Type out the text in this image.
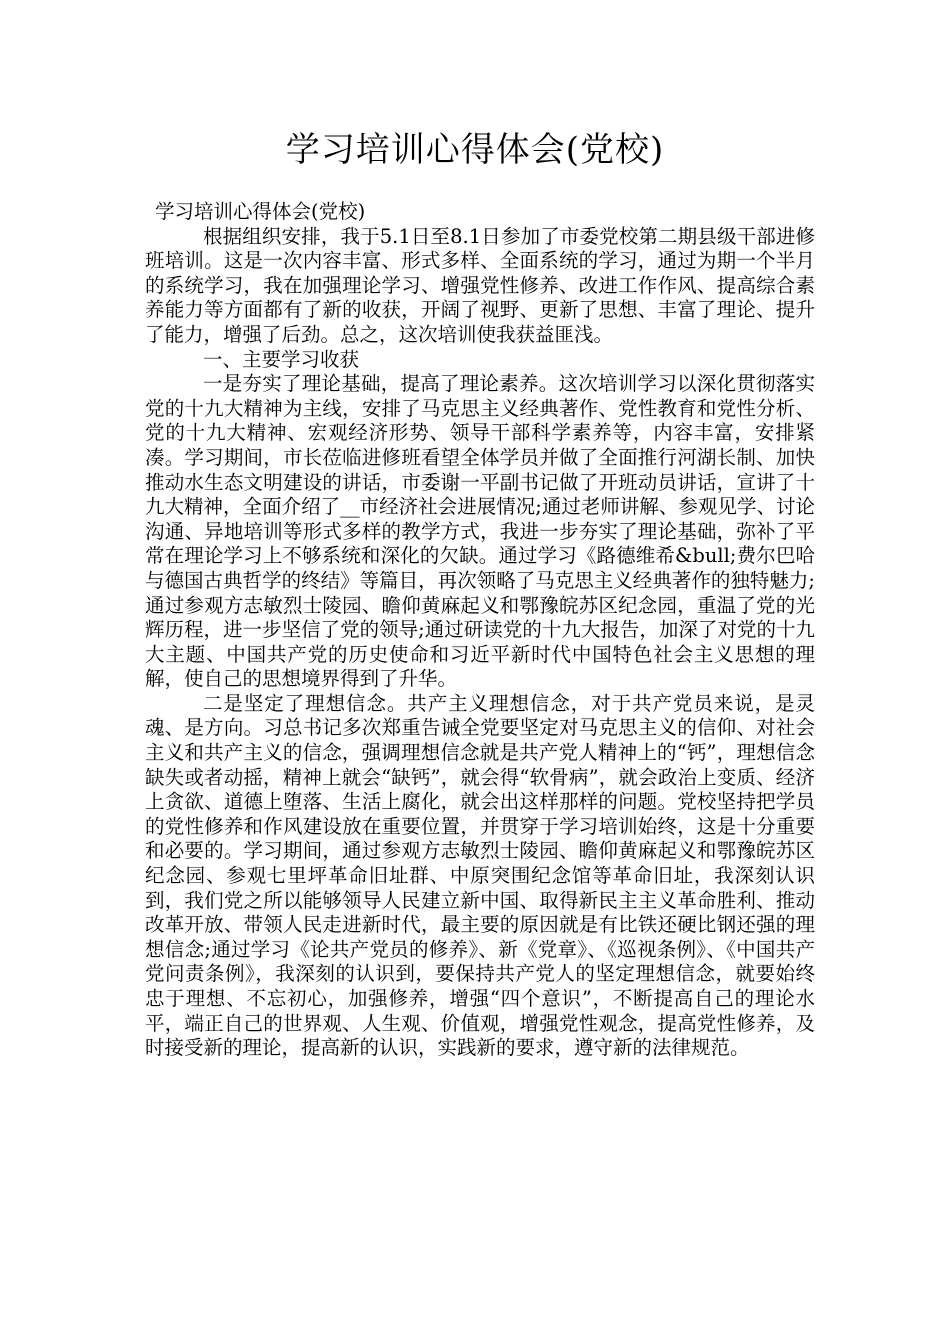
学习培训心得体会(党校)

学习培训心得体会(党校)

根据组织安排，我于5.1日至8.1日参加了市委党校第二期县级干部进修班培训。这是一次内容丰富、形式多样、全面系统的学习，通过为期一个半月的系统学习，我在加强理论学习、增强党性修养、改进工作作风、提高综合素养能力等方面都有了新的收获，开阔了视野、更新了思想、丰富了理论、提升了能力，增强了后劲。总之，这次培训使我获益匪浅。

一、主要学习收获

一是夯实了理论基础，提高了理论素养。这次培训学习以深化贯彻落实党的十九大精神为主线，安排了马克思主义经典著作、党性教育和党性分析、党的十九大精神、宏观经济形势、领导干部科学素养等，内容丰富，安排紧凑。学习期间，市长莅临进修班看望全体学员并做了全面推行河湖长制、加快推动水生态文明建设的讲话，市委谢一平副书记做了开班动员讲话，宣讲了十九大精神，全面介绍了__市经济社会进展情况;通过老师讲解、参观见学、讨论沟通、异地培训等形式多样的教学方式，我进一步夯实了理论基础，弥补了平常在理论学习上不够系统和深化的欠缺。通过学习《路德维希&bull;费尔巴哈与德国古典哲学的终结》等篇目，再次领略了马克思主义经典著作的独特魅力;通过参观方志敏烈士陵园、瞻仰黄麻起义和鄂豫皖苏区纪念园，重温了党的光辉历程，进一步坚信了党的领导;通过研读党的十九大报告，加深了对党的十九大主题、中国共产党的历史使命和习近平新时代中国特色社会主义思想的理解，使自己的思想境界得到了升华。

二是坚定了理想信念。共产主义理想信念，对于共产党员来说，是灵魂、是方向。习总书记多次郑重告诫全党要坚定对马克思主义的信仰、对社会主义和共产主义的信念，强调理想信念就是共产党人精神上的“钙”，理想信念缺失或者动摇，精神上就会“缺钙”，就会得“软骨病”，就会政治上变质、经济上贪欲、道德上堕落、生活上腐化，就会出这样那样的问题。党校坚持把学员的党性修养和作风建设放在重要位置，并贯穿于学习培训始终，这是十分重要和必要的。学习期间，通过参观方志敏烈士陵园、瞻仰黄麻起义和鄂豫皖苏区纪念园、参观七里坪革命旧址群、中原突围纪念馆等革命旧址，我深刻认识到，我们党之所以能够领导人民建立新中国、取得新民主主义革命胜利、推动改革开放、带领人民走进新时代，最主要的原因就是有比铁还硬比钢还强的理想信念;通过学习《论共产党员的修养》、新《党章》、《巡视条例》、《中国共产党问责条例》，我深刻的认识到，要保持共产党人的坚定理想信念，就要始终忠于理想、不忘初心，加强修养，增强“四个意识”，不断提高自己的理论水平，端正自己的世界观、人生观、价值观，增强党性观念，提高党性修养，及时接受新的理论，提高新的认识，实践新的要求，遵守新的法律规范。
